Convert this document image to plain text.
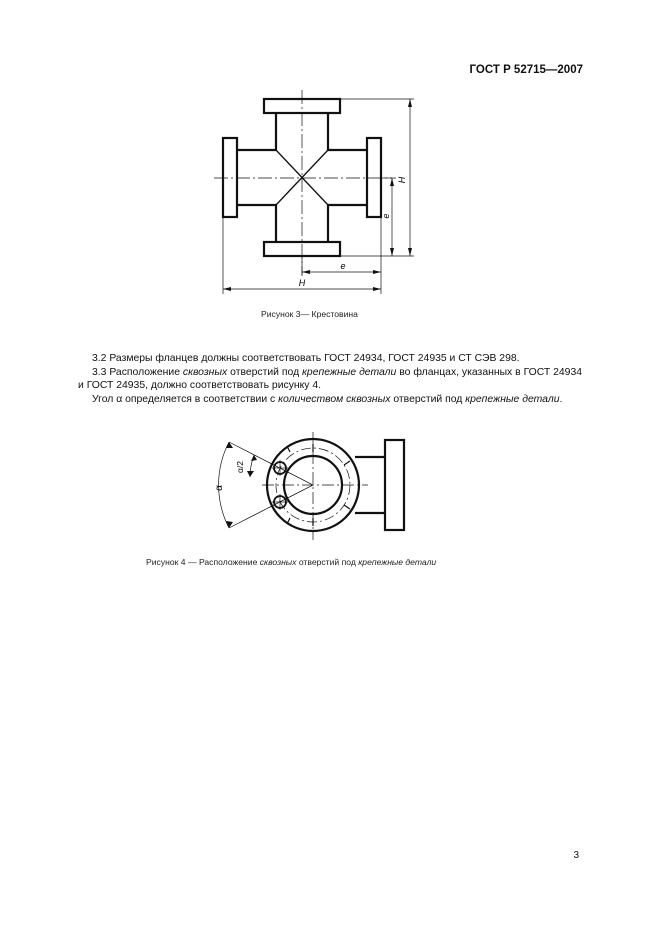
ГОСТ Р 52715—2007
H
e
H
e
Рисунок 3— Крестовина

3.2 Размеры фланцев должны соответствовать ГОСТ 24934, ГОСТ 24935 и СТ СЭВ 298.

3.3 Расположение сквозных отверстий под крепежные детали во фланцах, указанных в ГОСТ 24934 и ГОСТ 24935, должно соответствовать рисунку 4.

Угол α определяется в соответствии с количеством сквозных отверстий под крепежные детали.

α
α/2
Рисунок 4 — Расположение сквозных отверстий под крепежные детали
3
